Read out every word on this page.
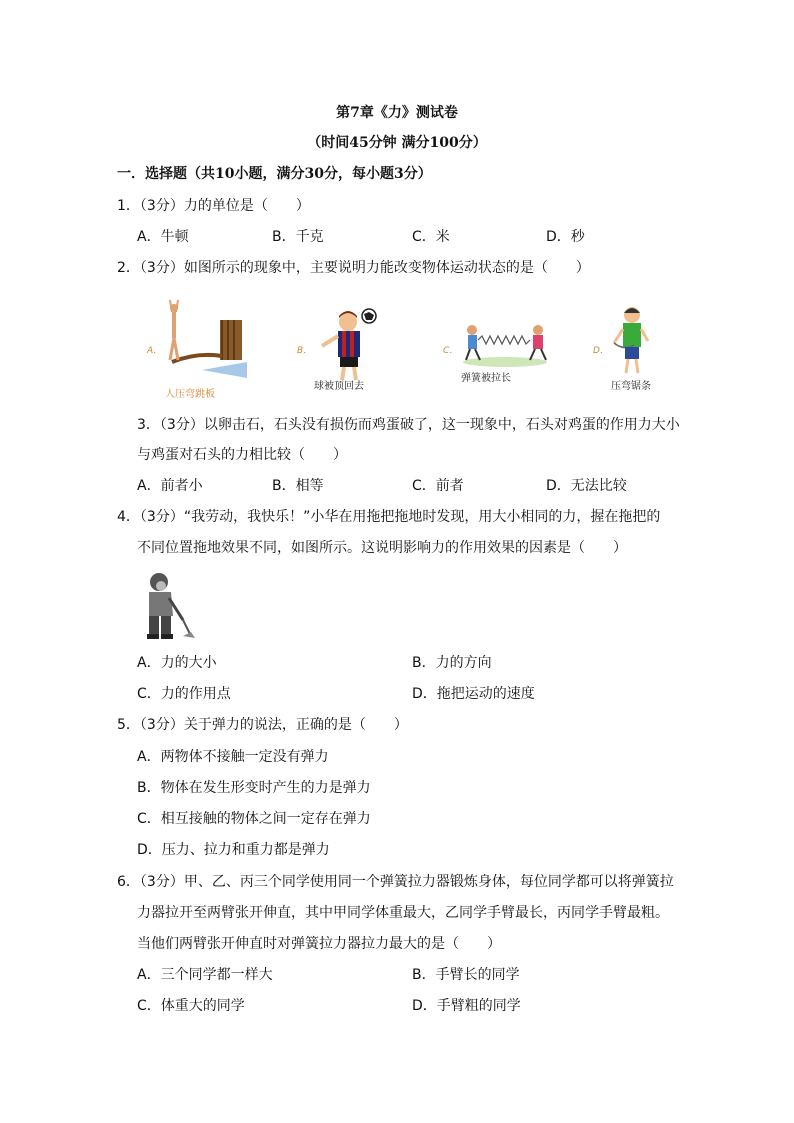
第7章《力》测试卷
（时间45分钟 满分100分）
一．选择题（共10小题，满分30分，每小题3分）
1．（3分）力的单位是（　　）
A．牛顿	B．千克	C．米	D．秒
2．（3分）如图所示的现象中，主要说明力能改变物体运动状态的是（　　）
A．
人压弯跳板
B．
球被顶回去
C．
弹簧被拉长
D．
压弯锯条
3．（3分）以卵击石，石头没有损伤而鸡蛋破了，这一现象中，石头对鸡蛋的作用力大小
与鸡蛋对石头的力相比较（　　）
A．前者小	B．相等	C．前者	D．无法比较
4．（3分）“我劳动，我快乐！”小华在用拖把拖地时发现，用大小相同的力，握在拖把的
不同位置拖地效果不同，如图所示。这说明影响力的作用效果的因素是（　　）
A．力的大小	B．力的方向
C．力的作用点	D．拖把运动的速度
5．（3分）关于弹力的说法，正确的是（　　）
A．两物体不接触一定没有弹力
B．物体在发生形变时产生的力是弹力
C．相互接触的物体之间一定存在弹力
D．压力、拉力和重力都是弹力
6．（3分）甲、乙、丙三个同学使用同一个弹簧拉力器锻炼身体，每位同学都可以将弹簧拉
力器拉开至两臂张开伸直，其中甲同学体重最大，乙同学手臂最长，丙同学手臂最粗。
当他们两臂张开伸直时对弹簧拉力器拉力最大的是（　　）
A．三个同学都一样大	B．手臂长的同学
C．体重大的同学	D．手臂粗的同学
